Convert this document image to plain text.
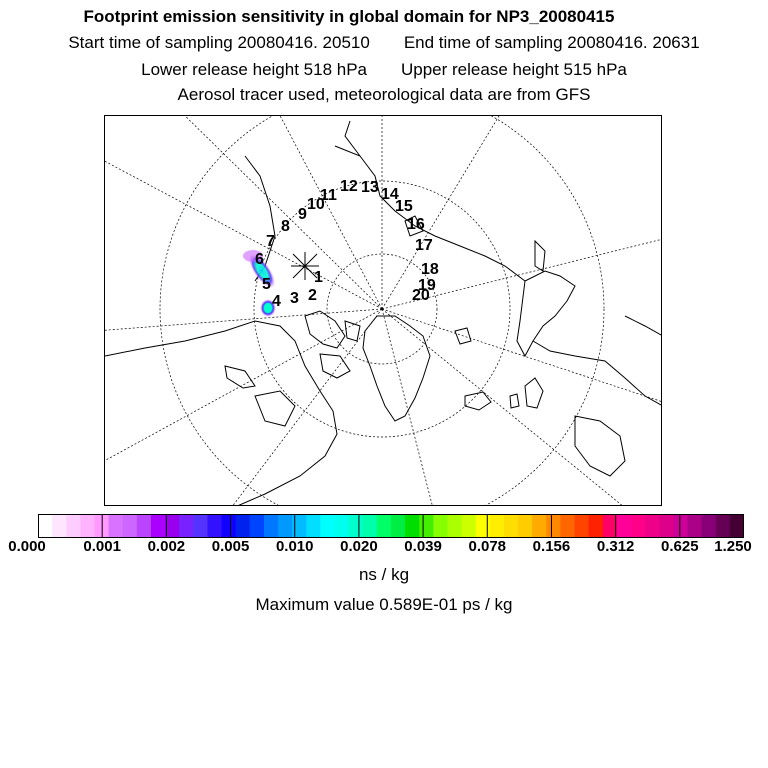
Footprint emission sensitivity in global domain for NP3_20080415
Start time of sampling 20080416. 20510 End time of sampling 20080416. 20631
Lower release height 518 hPa Upper release height 515 hPa
Aerosol tracer used, meteorological data are from GFS
1
2
3
4
5
6
7
8
9
10
11
12 13 14
15
16
17
18
19
20
0.000	0.001 0.002 0.005 0.010 0.020 0.039 0.078 0.156 0.312 0.625 1.250
ns / kg
Maximum value 0.589E-01 ps / kg
